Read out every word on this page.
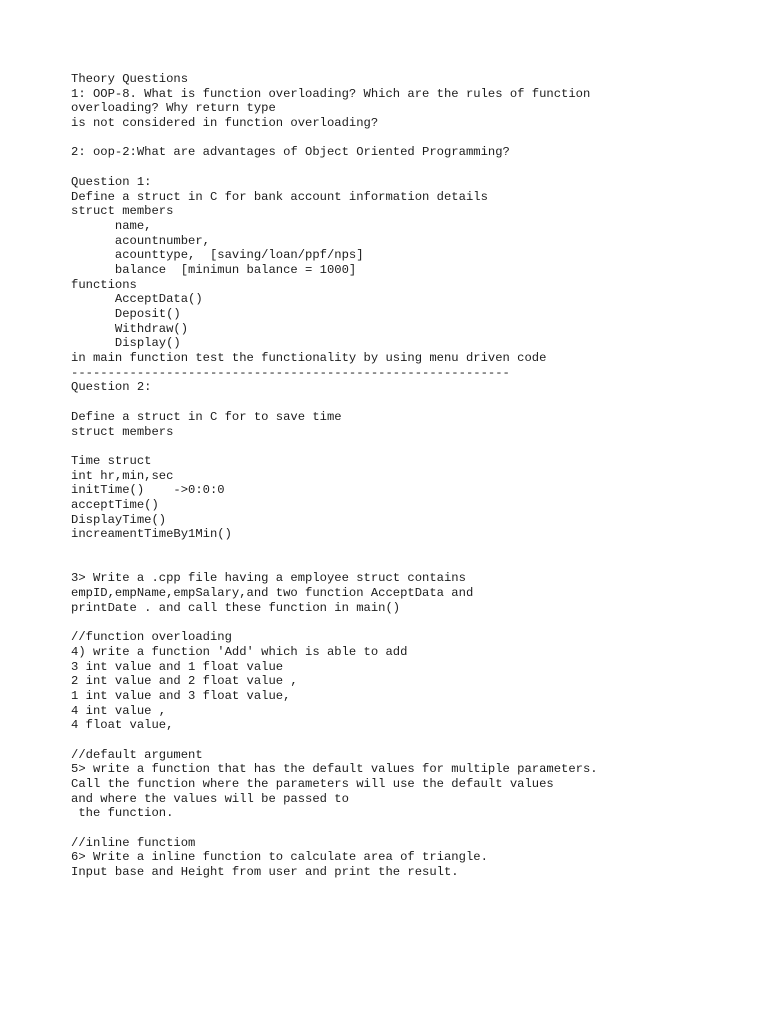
Theory Questions
1: OOP-8. What is function overloading? Which are the rules of function
overloading? Why return type
is not considered in function overloading?
2: oop-2:What are advantages of Object Oriented Programming?
Question 1:
Define a struct in C for bank account information details
struct members
name,
acountnumber,
acounttype,  [saving/loan/ppf/nps]
balance  [minimun balance = 1000]
functions
AcceptData()
Deposit()
Withdraw()
Display()
in main function test the functionality by using menu driven code
------------------------------------------------------------
Question 2:
Define a struct in C for to save time
struct members
Time struct
int hr,min,sec
initTime()    ->0:0:0
acceptTime()
DisplayTime()
increamentTimeBy1Min()
3> Write a .cpp file having a employee struct contains
empID,empName,empSalary,and two function AcceptData and
printDate . and call these function in main()
//function overloading
4) write a function 'Add' which is able to add
3 int value and 1 float value
2 int value and 2 float value ,
1 int value and 3 float value,
4 int value ,
4 float value,
//default argument
5> write a function that has the default values for multiple parameters.
Call the function where the parameters will use the default values
and where the values will be passed to
the function.
//inline functiom
6> Write a inline function to calculate area of triangle.
Input base and Height from user and print the result.
